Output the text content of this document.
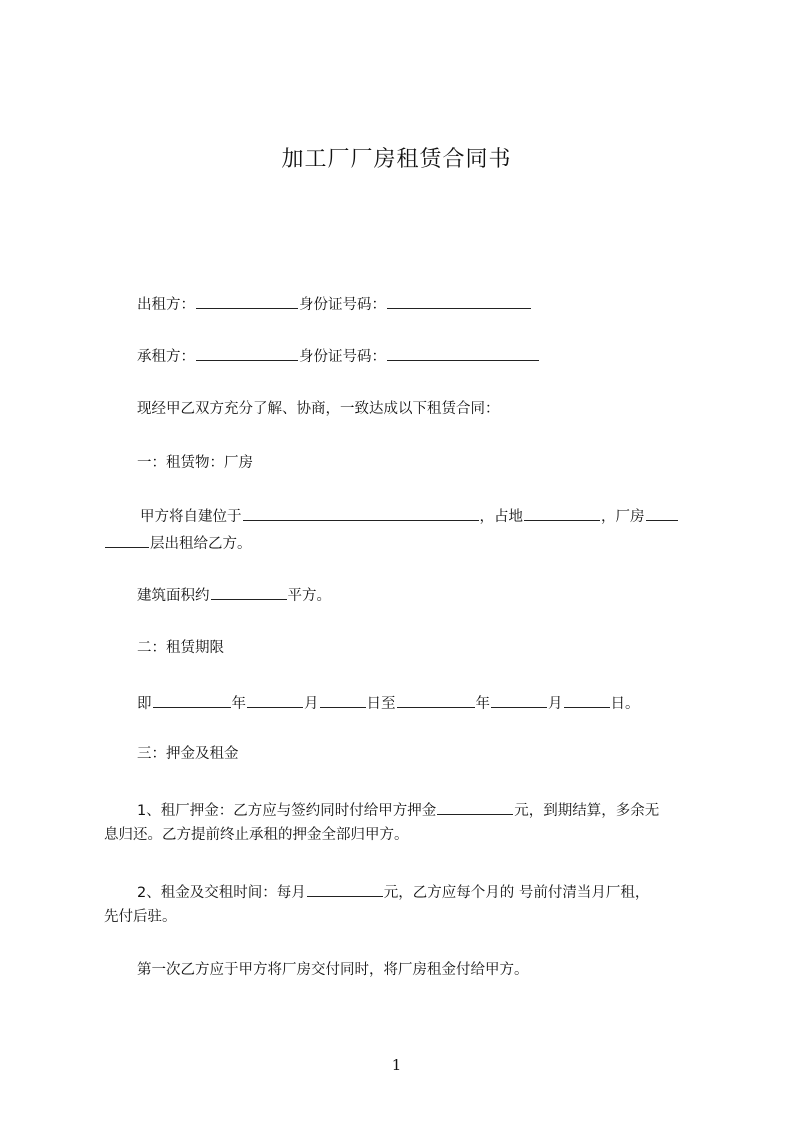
加工厂厂房租赁合同书
出租方：	身份证号码：
承租方：	身份证号码：
现经甲乙双方充分了解、协商，一致达成以下租赁合同：
一：租赁物：厂房
甲方将自建位于	，占地	，厂房
层出租给乙方。
建筑面积约	平方。
二：租赁期限
即	年	月	日至	年	月	日。
三：押金及租金
1、租厂押金：乙方应与签约同时付给甲方押金	元，到期结算，多余无
息归还。乙方提前终止承租的押金全部归甲方。
2、租金及交租时间：每月	元，乙方应每个月的 号前付清当月厂租，
先付后驻。
第一次乙方应于甲方将厂房交付同时，将厂房租金付给甲方。
1
